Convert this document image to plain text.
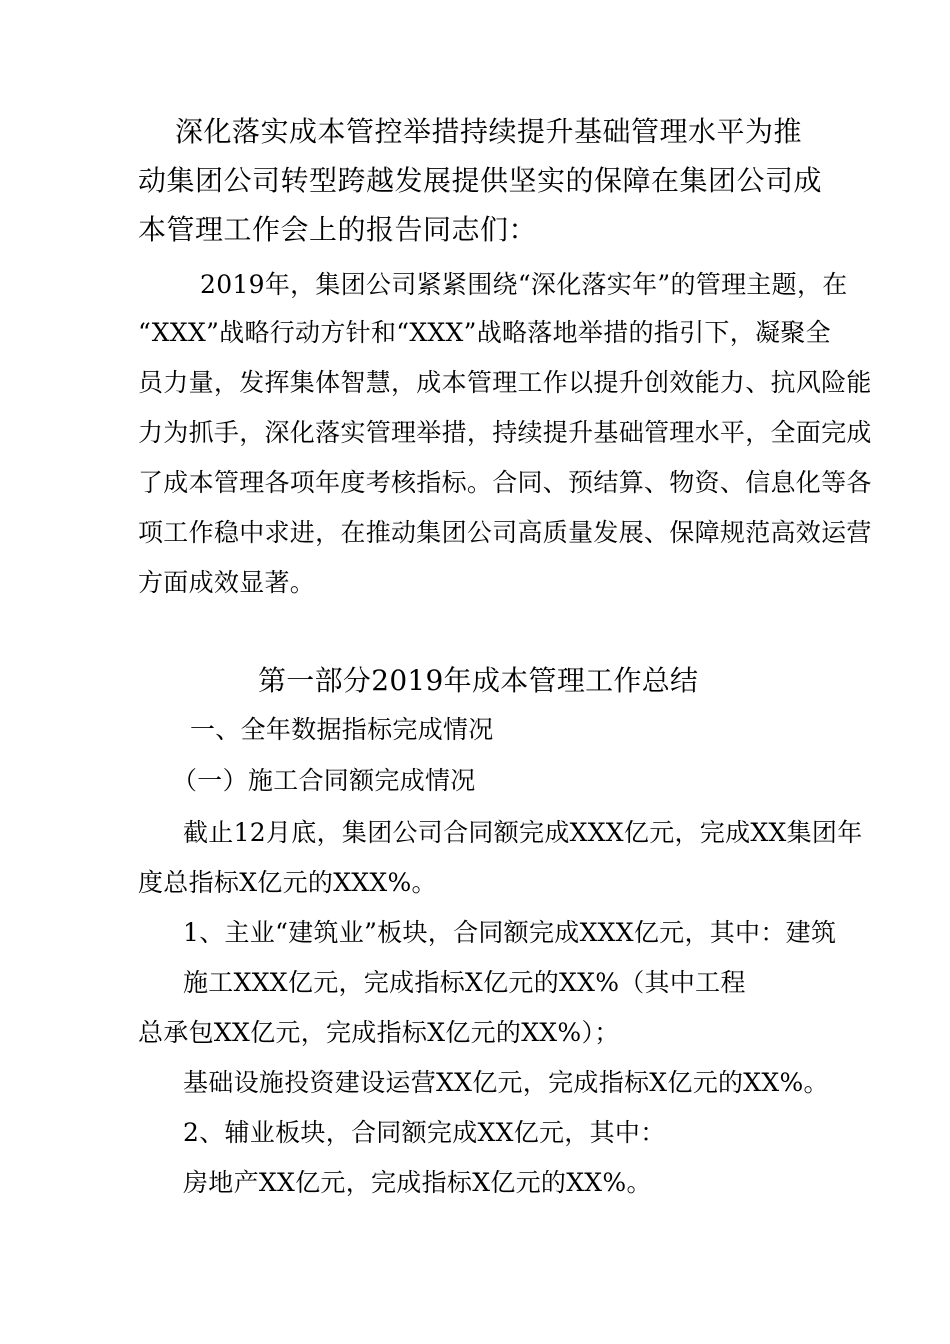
深化落实成本管控举措持续提升基础管理水平为推
动集团公司转型跨越发展提供坚实的保障在集团公司成
本管理工作会上的报告同志们：
2019年，集团公司紧紧围绕“深化落实年”的管理主题，在
“XXX”战略行动方针和“XXX”战略落地举措的指引下，凝聚全
员力量，发挥集体智慧，成本管理工作以提升创效能力、抗风险能
力为抓手，深化落实管理举措，持续提升基础管理水平，全面完成
了成本管理各项年度考核指标。合同、预结算、物资、信息化等各
项工作稳中求进，在推动集团公司高质量发展、保障规范高效运营
方面成效显著。
第一部分2019年成本管理工作总结
一、全年数据指标完成情况
（一）施工合同额完成情况
截止12月底，集团公司合同额完成XXX亿元，完成XX集团年
度总指标X亿元的XXX%。
1、主业“建筑业”板块，合同额完成XXX亿元，其中：建筑
施工XXX亿元，完成指标X亿元的XX%（其中工程
总承包XX亿元，完成指标X亿元的XX%）；
基础设施投资建设运营XX亿元，完成指标X亿元的XX%。
2、辅业板块，合同额完成XX亿元，其中：
房地产XX亿元，完成指标X亿元的XX%。
